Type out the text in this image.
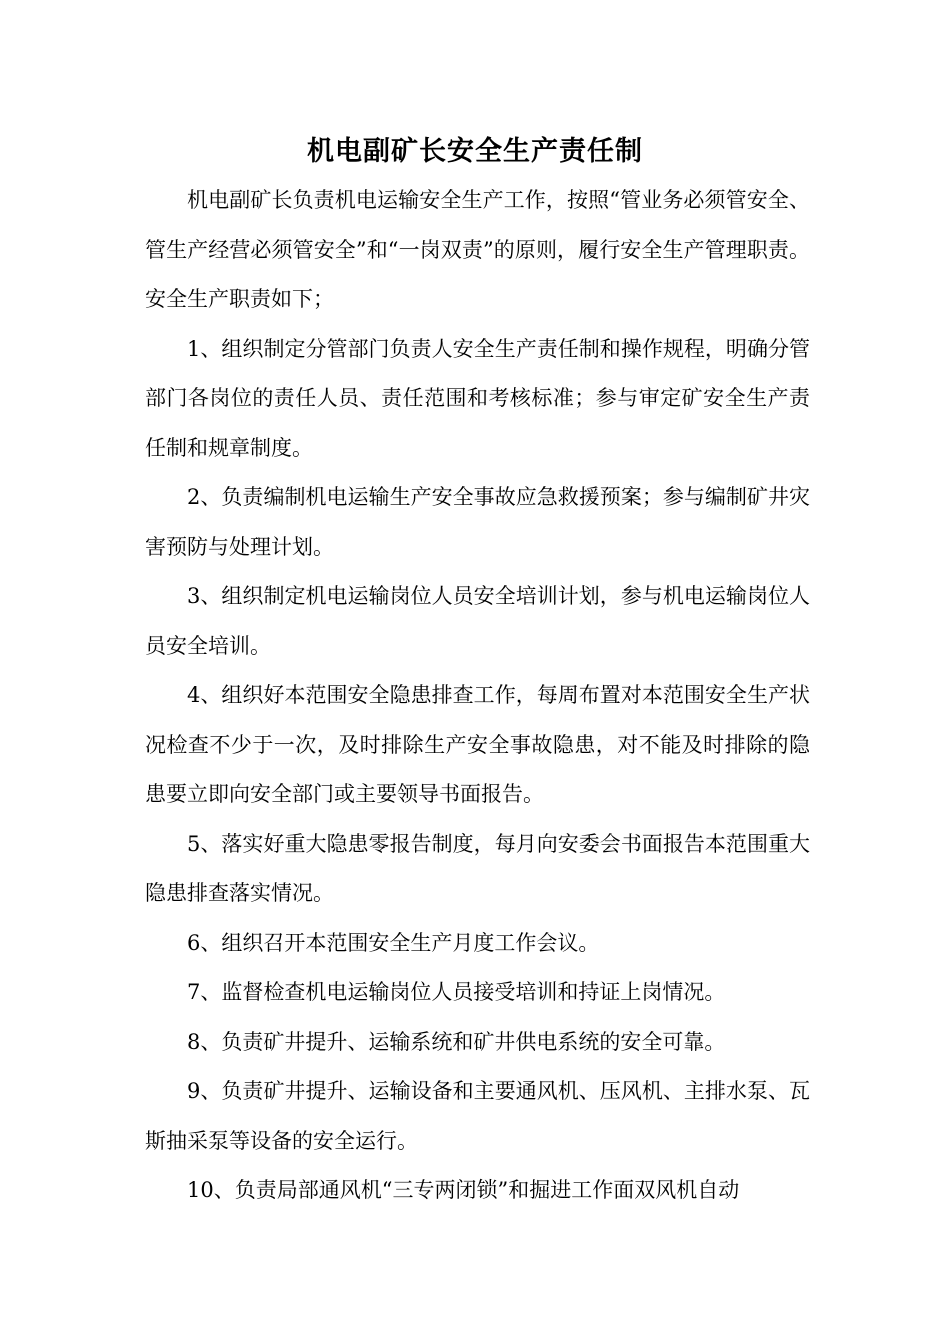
机电副矿长安全生产责任制

机电副矿长负责机电运输安全生产工作，按照“管业务必须管安全、管生产经营必须管安全”和“一岗双责”的原则，履行安全生产管理职责。安全生产职责如下；

1、组织制定分管部门负责人安全生产责任制和操作规程，明确分管部门各岗位的责任人员、责任范围和考核标准；参与审定矿安全生产责任制和规章制度。

2、负责编制机电运输生产安全事故应急救援预案；参与编制矿井灾害预防与处理计划。

3、组织制定机电运输岗位人员安全培训计划，参与机电运输岗位人员安全培训。

4、组织好本范围安全隐患排查工作，每周布置对本范围安全生产状况检查不少于一次，及时排除生产安全事故隐患，对不能及时排除的隐患要立即向安全部门或主要领导书面报告。

5、落实好重大隐患零报告制度，每月向安委会书面报告本范围重大隐患排查落实情况。

6、组织召开本范围安全生产月度工作会议。

7、监督检查机电运输岗位人员接受培训和持证上岗情况。

8、负责矿井提升、运输系统和矿井供电系统的安全可靠。

9、负责矿井提升、运输设备和主要通风机、压风机、主排水泵、瓦斯抽采泵等设备的安全运行。

10、负责局部通风机“三专两闭锁”和掘进工作面双风机自动
